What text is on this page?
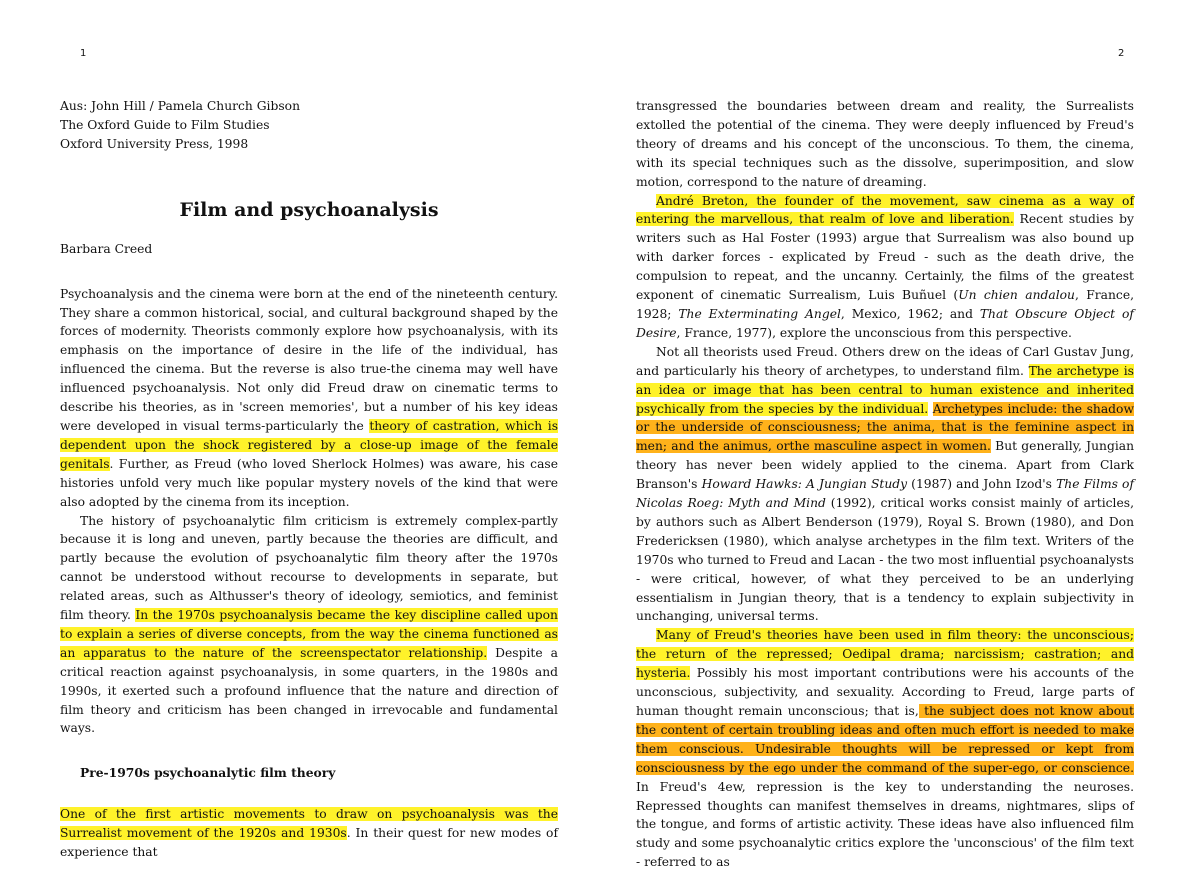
1	2

Aus: John Hill / Pamela Church Gibson

The Oxford Guide to Film Studies

Oxford University Press, 1998

Film and psychoanalysis

Barbara Creed

Psychoanalysis and the cinema were born at the end of the nineteenth century. They share a common historical, social, and cultural background shaped by the forces of modernity. Theorists commonly explore how psychoanalysis, with its emphasis on the importance of desire in the life of the individual, has influenced the cinema. But the reverse is also true-the cinema may well have influenced psychoanalysis. Not only did Freud draw on cinematic terms to describe his theories, as in 'screen memories', but a number of his key ideas were developed in visual terms-particularly the theory of castration, which is dependent upon the shock registered by a close-up image of the female genitals. Further, as Freud (who loved Sherlock Holmes) was aware, his case histories unfold very much like popular mystery novels of the kind that were also adopted by the cinema from its inception.

The history of psychoanalytic film criticism is extremely complex-partly because it is long and uneven, partly because the theories are difficult, and partly because the evolution of psychoanalytic film theory after the 1970s cannot be understood without recourse to developments in separate, but related areas, such as Althusser's theory of ideology, semiotics, and feminist film theory. In the 1970s psychoanalysis became the key discipline called upon to explain a series of diverse concepts, from the way the cinema functioned as an apparatus to the nature of the screenspectator relationship. Despite a critical reaction against psychoanalysis, in some quarters, in the 1980s and 1990s, it exerted such a profound influence that the nature and direction of film theory and criticism has been changed in irrevocable and fundamental ways.

Pre-1970s psychoanalytic film theory

One of the first artistic movements to draw on psychoanalysis was the Surrealist movement of the 1920s and 1930s. In their quest for new modes of experience that

transgressed the boundaries between dream and reality, the Surrealists extolled the potential of the cinema. They were deeply influenced by Freud's theory of dreams and his concept of the unconscious. To them, the cinema, with its special techniques such as the dissolve, superimposition, and slow motion, correspond to the nature of dreaming.

André Breton, the founder of the movement, saw cinema as a way of entering the marvellous, that realm of love and liberation. Recent studies by writers such as Hal Foster (1993) argue that Surrealism was also bound up with darker forces - explicated by Freud - such as the death drive, the compulsion to repeat, and the uncanny. Certainly, the films of the greatest exponent of cinematic Surrealism, Luis Buñuel (Un chien andalou, France, 1928; The Exterminating Angel, Mexico, 1962; and That Obscure Object of Desire, France, 1977), explore the unconscious from this perspective.

Not all theorists used Freud. Others drew on the ideas of Carl Gustav Jung, and particularly his theory of archetypes, to understand film. The archetype is an idea or image that has been central to human existence and inherited psychically from the species by the individual. Archetypes include: the shadow or the underside of consciousness; the anima, that is the feminine aspect in men; and the animus, orthe masculine aspect in women. But generally, Jungian theory has never been widely applied to the cinema. Apart from Clark Branson's Howard Hawks: A Jungian Study (1987) and John Izod's The Films of Nicolas Roeg: Myth and Mind (1992), critical works consist mainly of articles, by authors such as Albert Benderson (1979), Royal S. Brown (1980), and Don Fredericksen (1980), which analyse archetypes in the film text. Writers of the 1970s who turned to Freud and Lacan - the two most influential psychoanalysts - were critical, however, of what they perceived to be an underlying essentialism in Jungian theory, that is a tendency to explain subjectivity in unchanging, universal terms.

Many of Freud's theories have been used in film theory: the unconscious; the return of the repressed; Oedipal drama; narcissism; castration; and hysteria. Possibly his most important contributions were his accounts of the unconscious, subjectivity, and sexuality. According to Freud, large parts of human thought remain unconscious; that is, the subject does not know about the content of certain troubling ideas and often much effort is needed to make them conscious. Undesirable thoughts will be repressed or kept from consciousness by the ego under the command of the super-ego, or conscience. In Freud's 4ew, repression is the key to understanding the neuroses. Repressed thoughts can manifest themselves in dreams, nightmares, slips of the tongue, and forms of artistic activity. These ideas have also influenced film study and some psychoanalytic critics explore the 'unconscious' of the film text - referred to as
